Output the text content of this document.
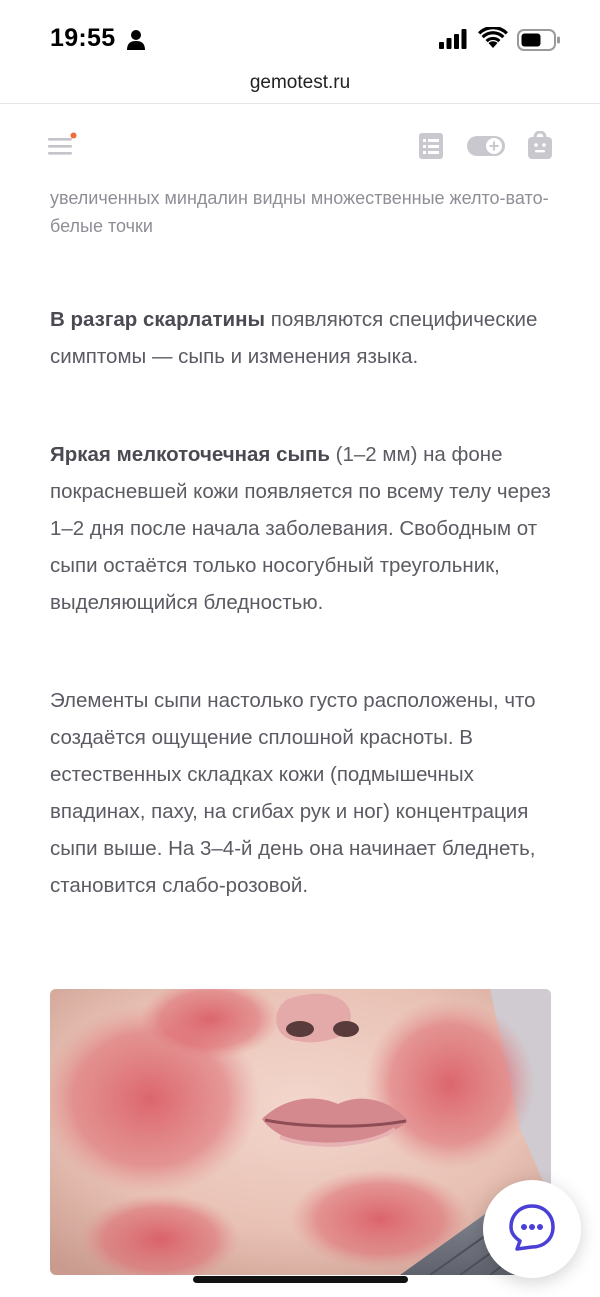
19:55
gemotest.ru

увеличенных миндалин видны множественные желто-вато-белые точки

В разгар скарлатины появляются специфические симптомы — сыпь и изменения языка.

Яркая мелкоточечная сыпь (1–2 мм) на фоне покрасневшей кожи появляется по всему телу через 1–2 дня после начала заболевания. Свободным от сыпи остаётся только носогубный треугольник, выделяющийся бледностью.

Элементы сыпи настолько густо расположены, что создаётся ощущение сплошной красноты. В естественных складках кожи (подмышечных впадинах, паху, на сгибах рук и ног) концентрация сыпи выше. На 3–4-й день она начинает бледнеть, становится слабо-розовой.
